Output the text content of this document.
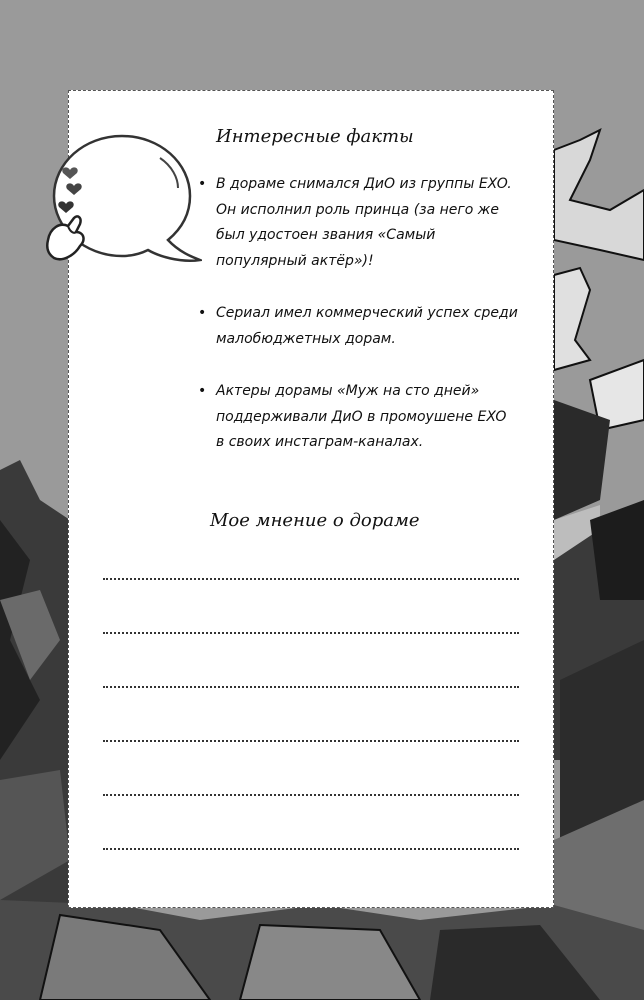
Интересные факты
• В дораме снимался ДиО из группы EXO. Он исполнил роль принца (за него же был удостоен звания «Самый популярный актёр»)!
• Сериал имел коммерческий успех среди малобюджетных дорам.
• Актеры дорамы «Муж на сто дней» поддерживали ДиО в промоушене EXO в своих инстаграм-каналах.
Мое мнение о дораме
